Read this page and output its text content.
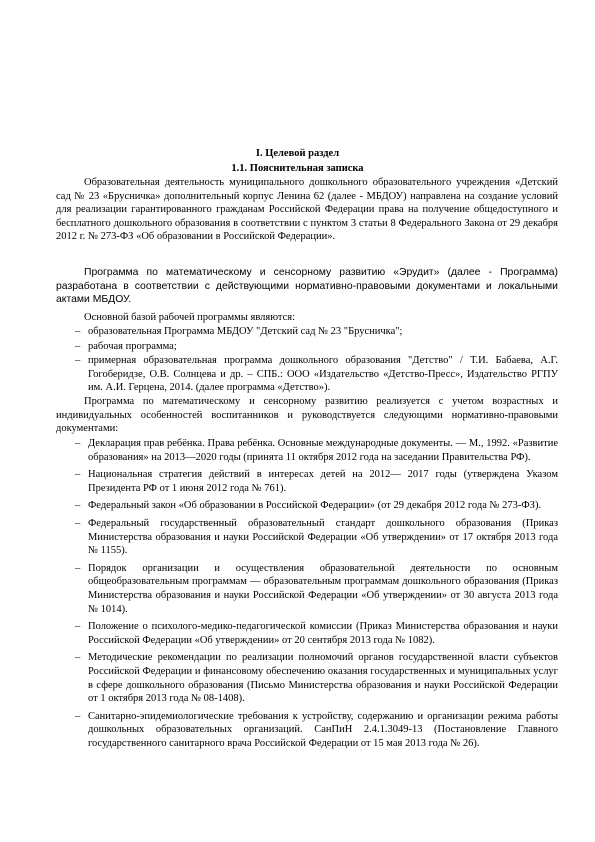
I. Целевой раздел
1.1. Пояснительная записка

Образовательная деятельность муниципального дошкольного образовательного учреждения «Детский сад № 23 «Брусничка» дополнительный корпус Ленина 62 (далее - МБДОУ) направлена на создание условий для реализации гарантированного гражданам Российской Федерации права на получение общедоступного и бесплатного дошкольного образования в соответствии с пунктом 3 статьи 8 Федерального Закона от 29 декабря 2012 г. № 273-ФЗ «Об образовании в Российской Федерации».

Программа по математическому и сенсорному развитию «Эрудит» (далее - Программа) разработана в соответствии с действующими нормативно-правовыми документами и локальными актами МБДОУ.

Основной базой рабочей программы являются:

– образовательная Программа МБДОУ "Детский сад № 23 "Брусничка";
– рабочая программа;
– примерная образовательная программа дошкольного образования "Детство" / Т.И. Бабаева, А.Г. Гогоберидзе, О.В. Солнцева и др. – СПБ.: ООО «Издательство «Детство-Пресс», Издательство РГПУ им. А.И. Герцена, 2014. (далее программа «Детство»).

Программа по математическому и сенсорному развитию реализуется с учетом возрастных и индивидуальных особенностей воспитанников и руководствуется следующими нормативно-правовыми документами:

– Декларация прав ребёнка. Права ребёнка. Основные международные документы. — М., 1992. «Развитие образования» на 2013—2020 годы (принята 11 октября 2012 года на заседании Правительства РФ).
– Национальная стратегия действий в интересах детей на 2012— 2017 годы (утверждена Указом Президента РФ от 1 июня 2012 года № 761).
– Федеральный закон «Об образовании в Российской Федерации» (от 29 декабря 2012 года № 273-ФЗ).
– Федеральный государственный образовательный стандарт дошкольного образования (Приказ Министерства образования и науки Российской Федерации «Об утверждении» от 17 октября 2013 года № 1155).
– Порядок организации и осуществления образовательной деятельности по основным общеобразовательным программам — образовательным программам дошкольного образования (Приказ Министерства образования и науки Российской Федерации «Об утверждении» от 30 августа 2013 года № 1014).
– Положение о психолого-медико-педагогической комиссии (Приказ Министерства образования и науки Российской Федерации «Об утверждении» от 20 сентября 2013 года № 1082).
– Методические рекомендации по реализации полномочий органов государственной власти субъектов Российской Федерации и финансовому обеспечению оказания государственных и муниципальных услуг в сфере дошкольного образования (Письмо Министерства образования и науки Российской Федерации от 1 октября 2013 года № 08-1408).
– Санитарно-эпидемиологические требования к устройству, содержанию и организации режима работы дошкольных образовательных организаций. СанПиН 2.4.1.3049-13 (Постановление Главного государственного санитарного врача Российской Федерации от 15 мая 2013 года № 26).
